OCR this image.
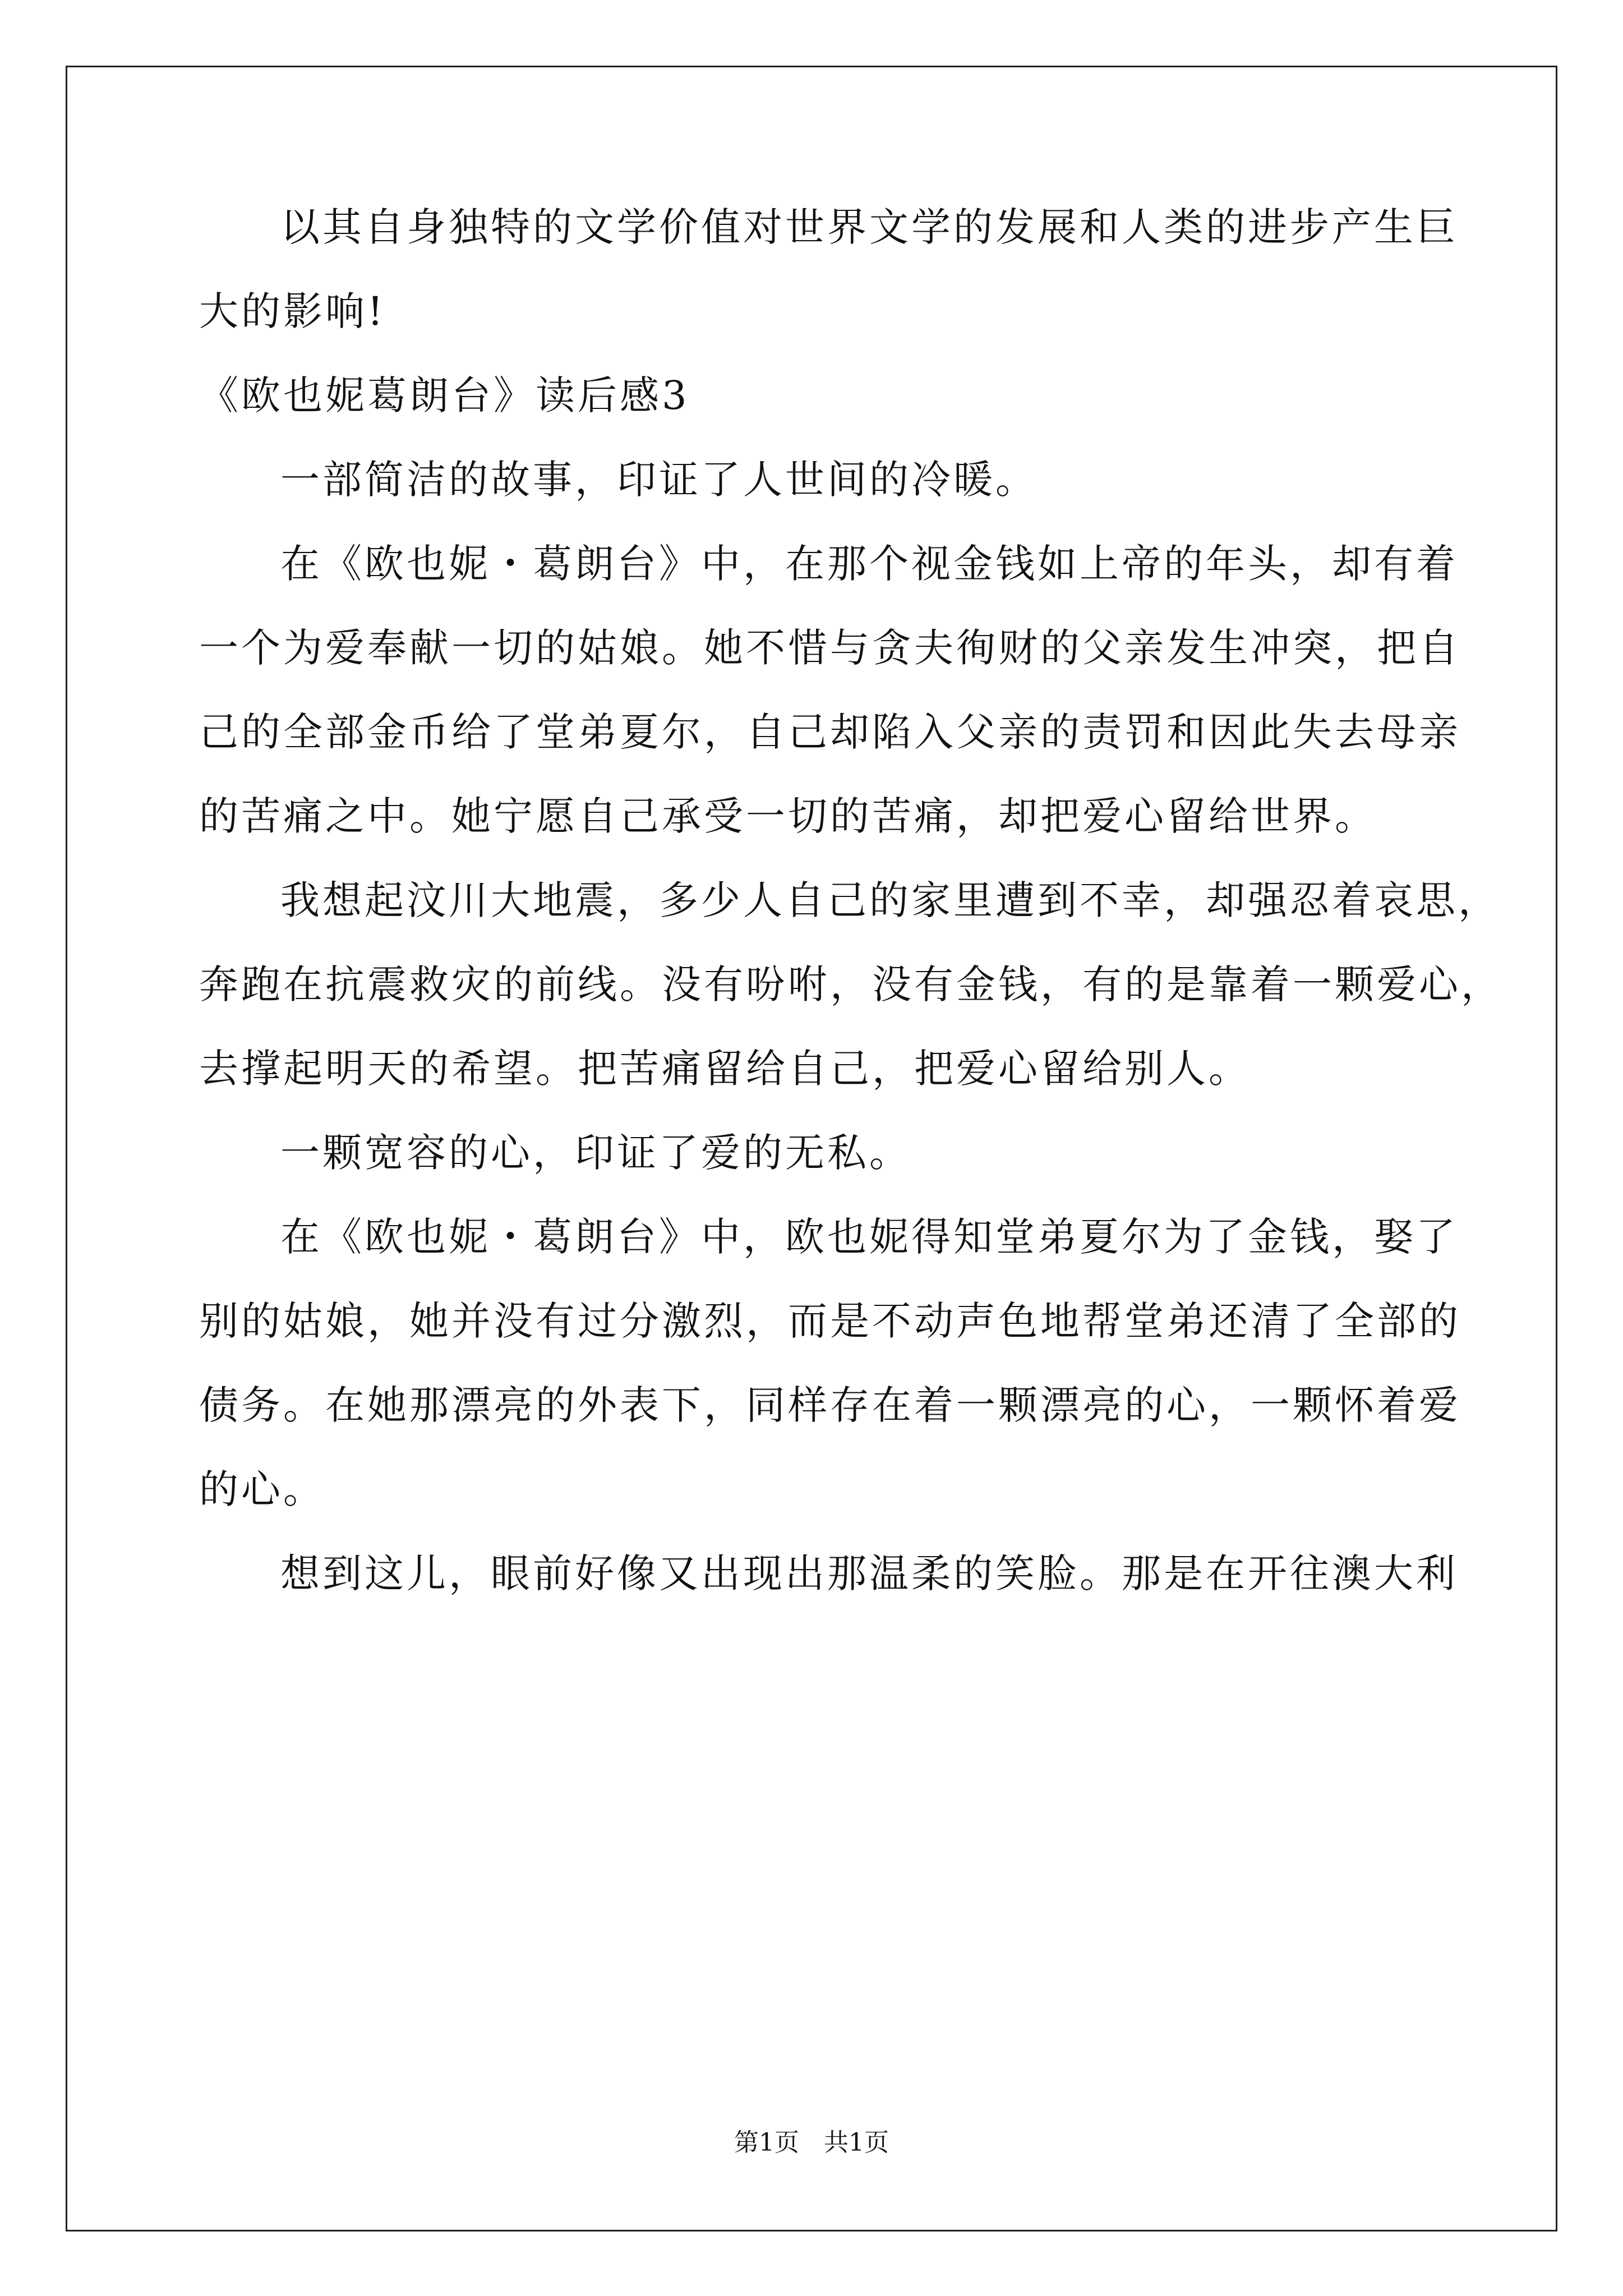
以其自身独特的文学价值对世界文学的发展和人类的进步产生巨
大的影响!
《欧也妮葛朗台》读后感3
一部简洁的故事，印证了人世间的冷暖。
在《欧也妮・葛朗台》中，在那个视金钱如上帝的年头，却有着
一个为爱奉献一切的姑娘。她不惜与贪夫徇财的父亲发生冲突，把自
己的全部金币给了堂弟夏尔，自己却陷入父亲的责罚和因此失去母亲
的苦痛之中。她宁愿自己承受一切的苦痛，却把爱心留给世界。
我想起汶川大地震，多少人自己的家里遭到不幸，却强忍着哀思，
奔跑在抗震救灾的前线。没有吩咐，没有金钱，有的是靠着一颗爱心，
去撑起明天的希望。把苦痛留给自己，把爱心留给别人。
一颗宽容的心，印证了爱的无私。
在《欧也妮・葛朗台》中，欧也妮得知堂弟夏尔为了金钱，娶了
别的姑娘，她并没有过分激烈，而是不动声色地帮堂弟还清了全部的
债务。在她那漂亮的外表下，同样存在着一颗漂亮的心，一颗怀着爱
的心。
想到这儿，眼前好像又出现出那温柔的笑脸。那是在开往澳大利
第1页　共1页
